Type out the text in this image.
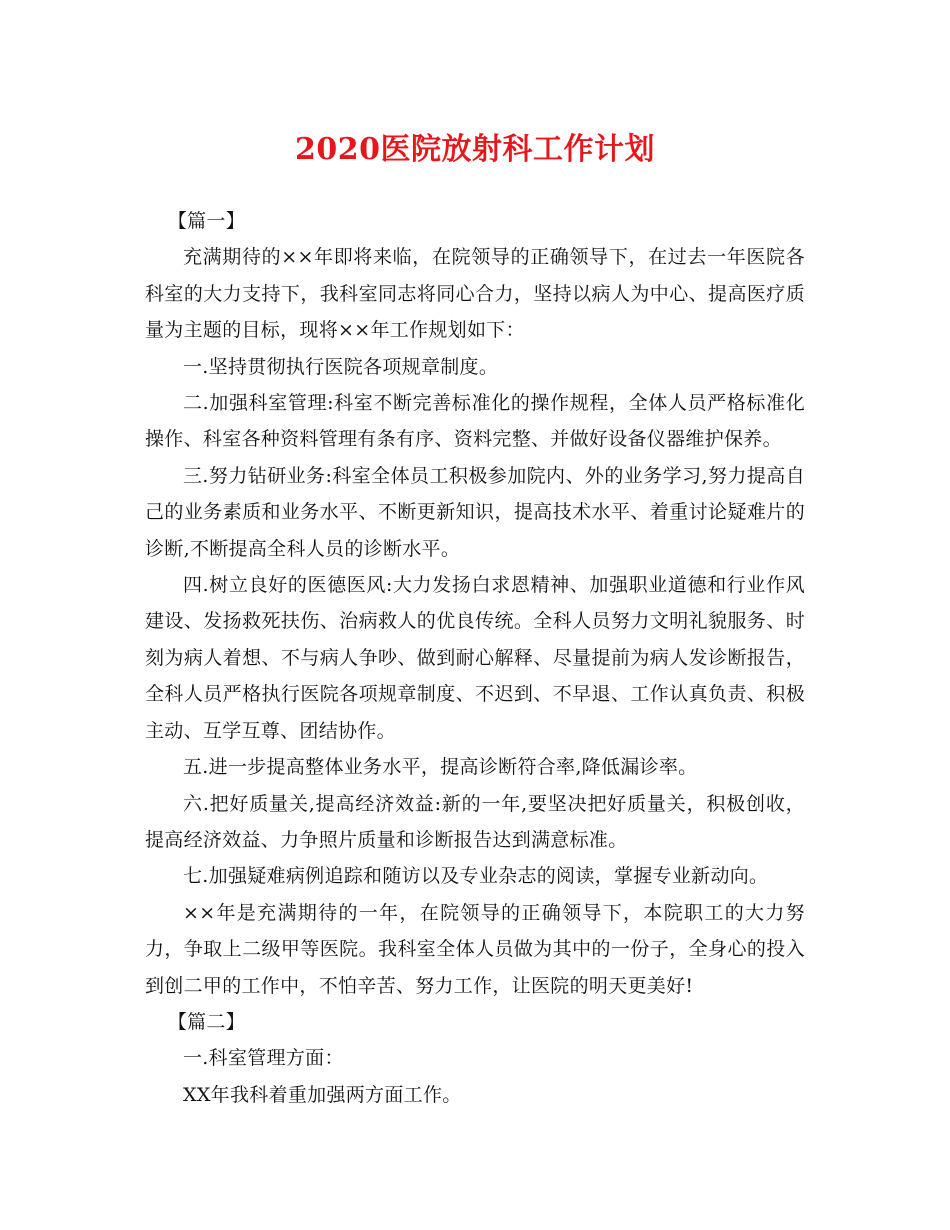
2020医院放射科工作计划

【篇一】

充满期待的××年即将来临，在院领导的正确领导下，在过去一年医院各科室的大力支持下，我科室同志将同心合力，坚持以病人为中心、提高医疗质量为主题的目标，现将××年工作规划如下：

一.坚持贯彻执行医院各项规章制度。

二.加强科室管理:科室不断完善标准化的操作规程，全体人员严格标准化操作、科室各种资料管理有条有序、资料完整、并做好设备仪器维护保养。

三.努力钻研业务:科室全体员工积极参加院内、外的业务学习,努力提高自己的业务素质和业务水平、不断更新知识，提高技术水平、着重讨论疑难片的诊断,不断提高全科人员的诊断水平。

四.树立良好的医德医风:大力发扬白求恩精神、加强职业道德和行业作风建设、发扬救死扶伤、治病救人的优良传统。全科人员努力文明礼貌服务、时刻为病人着想、不与病人争吵、做到耐心解释、尽量提前为病人发诊断报告，全科人员严格执行医院各项规章制度、不迟到、不早退、工作认真负责、积极主动、互学互尊、团结协作。

五.进一步提高整体业务水平，提高诊断符合率,降低漏诊率。

六.把好质量关,提高经济效益:新的一年,要坚决把好质量关，积极创收，提高经济效益、力争照片质量和诊断报告达到满意标准。

七.加强疑难病例追踪和随访以及专业杂志的阅读，掌握专业新动向。

××年是充满期待的一年，在院领导的正确领导下，本院职工的大力努力，争取上二级甲等医院。我科室全体人员做为其中的一份子，全身心的投入到创二甲的工作中，不怕辛苦、努力工作，让医院的明天更美好!

【篇二】

一.科室管理方面：

XX年我科着重加强两方面工作。
